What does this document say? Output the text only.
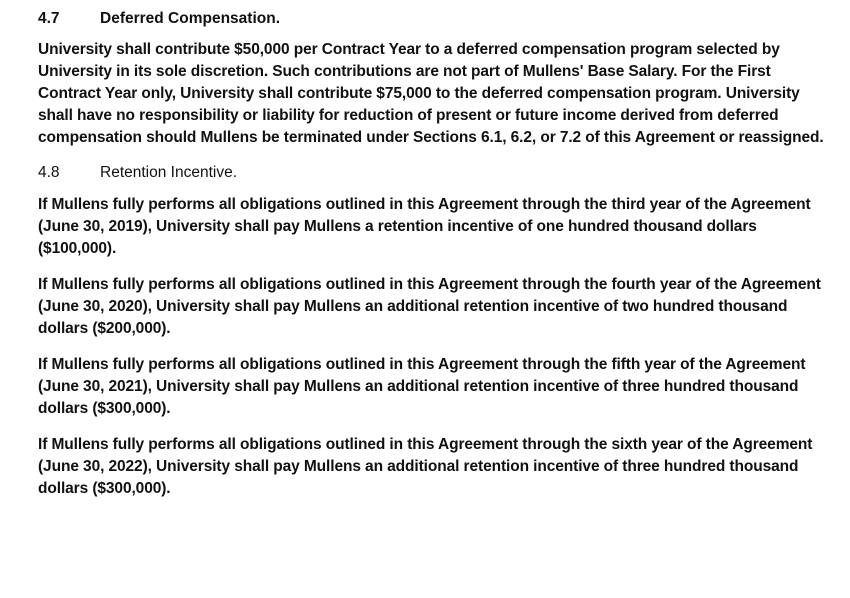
4.7	Deferred Compensation.

University shall contribute $50,000 per Contract Year to a deferred compensation program selected by University in its sole discretion. Such contributions are not part of Mullens' Base Salary. For the First Contract Year only, University shall contribute $75,000 to the deferred compensation program. University shall have no responsibility or liability for reduction of present or future income derived from deferred compensation should Mullens be terminated under Sections 6.1, 6.2, or 7.2 of this Agreement or reassigned.

4.8	Retention Incentive.

If Mullens fully performs all obligations outlined in this Agreement through the third year of the Agreement (June 30, 2019), University shall pay Mullens a retention incentive of one hundred thousand dollars ($100,000).

If Mullens fully performs all obligations outlined in this Agreement through the fourth year of the Agreement (June 30, 2020), University shall pay Mullens an additional retention incentive of two hundred thousand dollars ($200,000).

If Mullens fully performs all obligations outlined in this Agreement through the fifth year of the Agreement (June 30, 2021), University shall pay Mullens an additional retention incentive of three hundred thousand dollars ($300,000).

If Mullens fully performs all obligations outlined in this Agreement through the sixth year of the Agreement (June 30, 2022), University shall pay Mullens an additional retention incentive of three hundred thousand dollars ($300,000).
